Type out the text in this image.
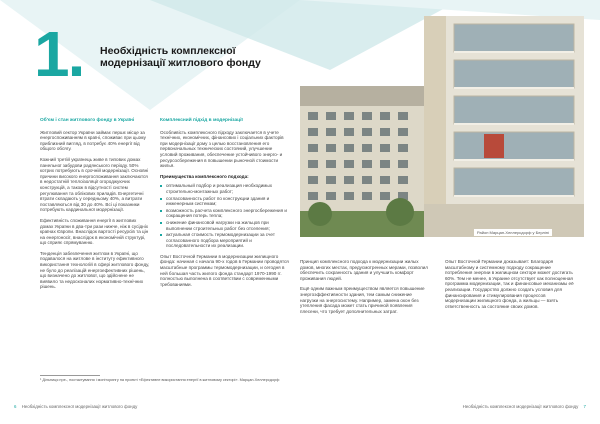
1. Необхідність комплексної модернізації житлового фонду
Об'єм і стан житлового фонду в Україні

Житловий сектор України займає першє місце за енергоспоживанням в країні, споживає при цьому приблизний вигляд, в потребує 40% енергії від общого обсягу.

Кожний третій українець живе в типових домах панельної забудови радянського періоду. 50% котрих потребують в срочній модернізації. Основні причини високого енергоспоживання заключаются в недостатній теплоізоляції огороджуючих конструкцій, а також в відсутності систем регулювання та облікових приладів. Енергетичні втрати складають у середньому 40%, а витрати поставляються від 30 до 40%. Всі ці показники потребують кардинальної модернізації.

Ефективність споживання енергії в житлових домах України в два-три рази нижче, ніж в сусідніх країнах Європи. Внаслідок вартості ресурсів та цін на енергоносії, внаслідок в економічній структурі, що сприяє спрямуванню.

Тенденція забезпечення житлом в Україні, що подавалося на житлове в інституту ефективного використання технологій в сфері житлового фонду, не було до реалізацій енергоефективних рішень, що визначено до житлової, що здійснене не виявило та недосконалих нормативно-технічних рішень.

Комплексний підхід в модернізації

Особливість комплексного підходу заключается в учете технічних, економічних, фінансових і соціальних факторів при модернізації дому з целью восстановления его первоначальных технических состояний, улучшение условий проживания, обеспечение устойчивого энерго- и ресурсосбережения в повышении рыночной стоимости жилья.

Преимущества комплексного подхода:
оптимальный подбор и реализация необходимых строительно-монтажных работ;
согласованность работ по конструкции здания и инженерным системам;
возможность расчета комплексного энергосбережения и сокращения потерь тепла;
снижение финансовой нагрузки на жильцов при выполнении строительных работ без отселения;
актуальная стоимость термомодернизации за счет согласованного подбора мероприятий и последовательности их реализации.

Опыт Восточной Германии в модернизации жилищного фонда: начиная с начала 90-х годов в Германии проводятся масштабные программы термомодернизации, и сегодня в ней большая часть жилого фонда стандарт 1970-1990 гг. полностью выполнена в соответствии с современными требованиями.

Район Марцан-Хеллерсдорф у Берліні

Принцип комплексного подхода к модернизации жилых домов, многих местах, предусмотренных мерами, позволил обеспечить сохранность здания и улучшить комфорт проживания людей.

Ещё одним важным преимуществом является повышение энергоэффективности здания, тем самым снижение нагрузки на энергосистему. Например, замена окон без утепления фасада может стать причиной появления плесени, что требует дополнительных затрат.

Опыт Восточной Германии доказывает: Благодаря масштабному и системному подходу сокращение потребления энергии в жилищном секторе может достигать 60%. Тем не менее, в Украине отсутствует как полноценная программа модернизации, так и финансовые механизмы её реализации. Государство должно создать условия для финансирования и стимулирования процессов модернизации жилищного фонда, а жильцы — взять ответственность за состояние своих домов.

¹ Дільниця пре-, постактування і моніторингу на проекті «Ефективне використання енергії в житловому секторі». Марцан-Хеллерсдорф
6 Необхідність комплексної модернізації житлового фонду	Необхідність комплексної модернізації житлового фонду 7
